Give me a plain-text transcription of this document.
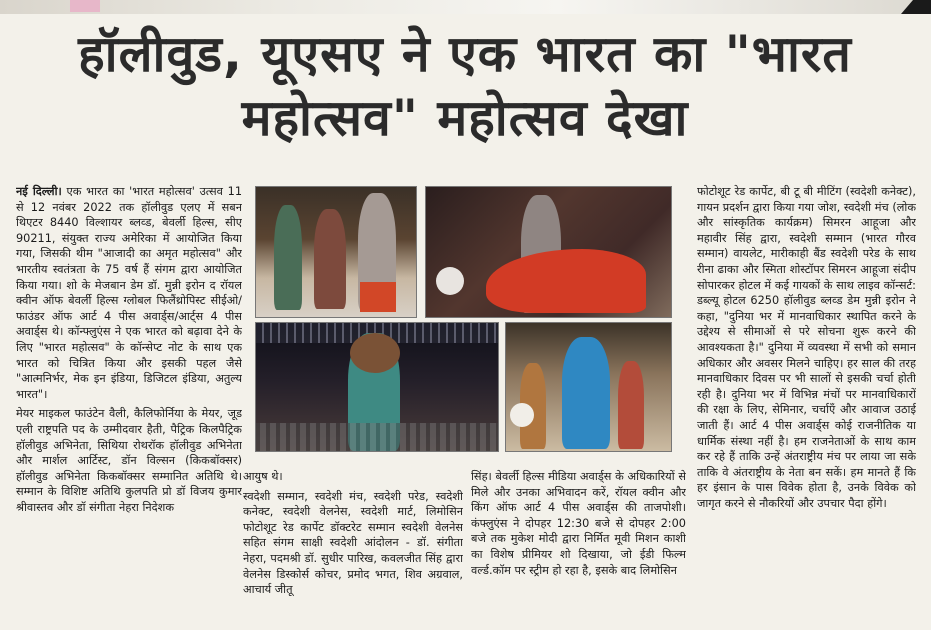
हॉलीवुड, यूएसए ने एक भारत का "भारत महोत्सव" महोत्सव देखा

नई दिल्ली। एक भारत का 'भारत महोत्सव' उत्सव 11 से 12 नवंबर 2022 तक हॉलीवुड एलए में सबन थिएटर 8440 विल्शायर ब्लव्ड, बेवर्ली हिल्स, सीए 90211, संयुक्त राज्य अमेरिका में आयोजित किया गया, जिसकी थीम "आजादी का अमृत महोत्सव" और भारतीय स्वतंत्रता के 75 वर्ष हैं संगम द्वारा आयोजित किया गया। शो के मेजबान डेम डॉ. मुन्नी इरोन द रॉयल क्वीन ऑफ बेवर्ली हिल्स ग्लोबल फिलैंथ्रोपिस्ट सीईओ/फाउंडर ऑफ आर्ट 4 पीस अवार्ड्स/आर्ट्स 4 पीस अवार्ड्स थे। कॉन्फ्लुएंस ने एक भारत को बढ़ावा देने के लिए "भारत महोत्सव" के कॉन्सेप्ट नोट के साथ एक भारत को चित्रित किया और इसकी पहल जैसे "आत्मनिर्भर, मेक इन इंडिया, डिजिटल इंडिया, अतुल्य भारत"।

मेयर माइकल फाउंटेन वैली, कैलिफोर्निया के मेयर, जूड एली राष्ट्रपति पद के उम्मीदवार हैती, पैट्रिक किलपैट्रिक हॉलीवुड अभिनेता, सिथिया रोथरॉक हॉलीवुड अभिनेता और मार्शल आर्टिस्ट, डॉन विल्सन (किकबॉक्सर) हॉलीवुड अभिनेता किकबॉक्सर सम्मानित अतिथि थे। सम्मान के विशिष्ट अतिथि कुलपति प्रो डॉ विजय कुमार श्रीवास्तव और डॉ संगीता नेहरा निदेशक

आयुष थे।

स्वदेशी सम्मान, स्वदेशी मंच, स्वदेशी परेड, स्वदेशी कनेक्ट, स्वदेशी वेलनेस, स्वदेशी मार्ट, लिमोसिन फोटोशूट रेड कार्पेट डॉक्टरेट सम्मान स्वदेशी वेलनेस सहित संगम साक्षी स्वदेशी आंदोलन - डॉ. संगीता नेहरा, पदमश्री डॉ. सुधीर पारिख, कवलजीत सिंह द्वारा वेलनेस डिस्कोर्स कोचर, प्रमोद भगत, शिव अग्रवाल, आचार्य जीतू

सिंह। बेवर्ली हिल्स मीडिया अवार्ड्स के अधिकारियों से मिले और उनका अभिवादन करें, रॉयल क्वीन और किंग ऑफ आर्ट 4 पीस अवार्ड्स की ताजपोशी। कंफ्लुएंस ने दोपहर 12:30 बजे से दोपहर 2:00 बजे तक मुकेश मोदी द्वारा निर्मित मूवी मिशन काशी का विशेष प्रीमियर शो दिखाया, जो ईडी फिल्म वर्ल्ड.कॉम पर स्ट्रीम हो रहा है, इसके बाद लिमोसिन

फोटोशूट रेड कार्पेट, बी टू बी मीटिंग (स्वदेशी कनेक्ट), गायन प्रदर्शन द्वारा किया गया जोश, स्वदेशी मंच (लोक और सांस्कृतिक कार्यक्रम) सिमरन आहूजा और महावीर सिंह द्वारा, स्वदेशी सम्मान (भारत गौरव सम्मान) वायलेट, मारीकाही बैंड स्वदेशी परेड के साथ रीना ढाका और स्मिता शोस्टॉपर सिमरन आहूजा संदीप सोपारकर होटल में कई गायकों के साथ लाइव कॉन्सर्ट: डब्ल्यू होटल 6250 हॉलीवुड ब्लव्ड डेम मुन्नी इरोन ने कहा, "दुनिया भर में मानवाधिकार स्थापित करने के उद्देश्य से सीमाओं से परे सोचना शुरू करने की आवश्यकता है।" दुनिया में व्यवस्था में सभी को समान अधिकार और अवसर मिलने चाहिए। हर साल की तरह मानवाधिकार दिवस पर भी सालों से इसकी चर्चा होती रही है। दुनिया भर में विभिन्न मंचों पर मानवाधिकारों की रक्षा के लिए, सेमिनार, चर्चाएँ और आवाज उठाई जाती हैं। आर्ट 4 पीस अवार्ड्स कोई राजनीतिक या धार्मिक संस्था नहीं है। हम राजनेताओं के साथ काम कर रहे हैं ताकि उन्हें अंतराष्ट्रीय मंच पर लाया जा सके ताकि वे अंतराष्ट्रीय के नेता बन सकें। हम मानते हैं कि हर इंसान के पास विवेक होता है, उनके विवेक को जागृत करने से नौकरियों और उपचार पैदा होंगे।
